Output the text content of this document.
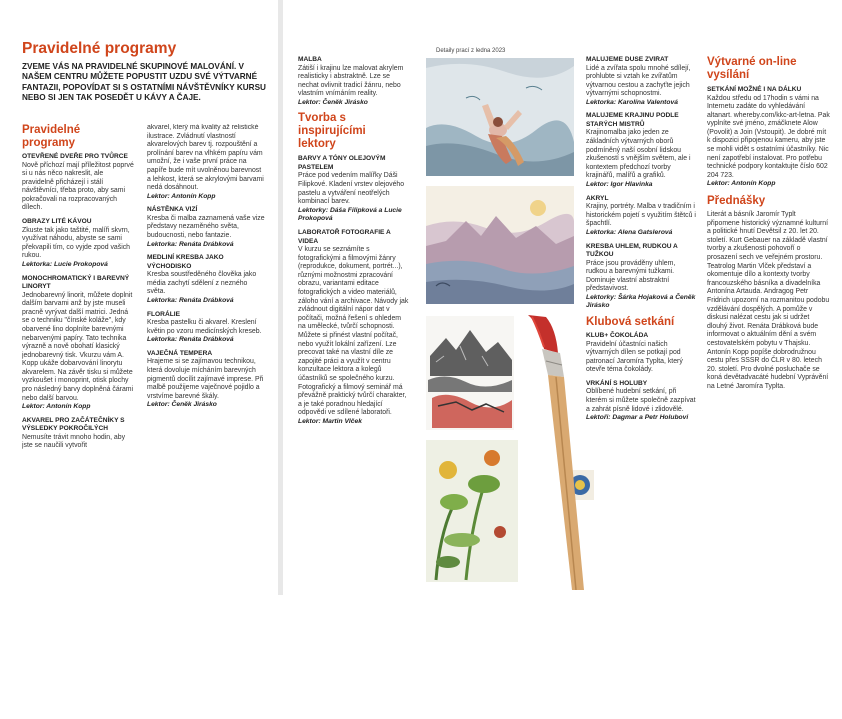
Pravidelné programy

ZVEME VÁS NA PRAVIDELNÉ SKUPINOVÉ MALOVÁNÍ. V NAŠEM CENTRU MŮŽETE POPUSTIT UZDU SVÉ VÝTVARNÉ FANTAZII, POPOVÍDAT SI S OSTATNÍMI NÁVŠTĚVNÍKY KURSU NEBO SI JEN TAK POSEDĚT U KÁVY A ČAJE.

Pravidelné programy

OTEVŘENÉ DVEŘE PRO TVŮRCE

Nově příchozí mají příležitost poprvé si u nás něco nakreslit, ale pravidelně přicházejí i stálí návštěvníci, třeba proto, aby sami pokračovali na rozpracovaných dílech.

OBRAZY LITÉ KÁVOU

Zkuste tak jako taštité, malíři skvrn, využívat náhodu, abyste se sami překvapili tím, co vyjde zpod vašich rukou.

Lektorka: Lucie Prokopová

MONOCHROMATICKÝ I BAREVNÝ LINORYT

Jednobarevný linorit, můžete doplnit dalším barvami anž by jste museli pracně vyrývat další matrici. Jedná se o techniku "čínské koláže", kdy obarvené lino doplníte barevnými nebarvenými papíry. Tato technika výrazně a nově obohatí klasický jednobarevný tisk. Vkurzu vám A. Kopp ukáže dobarvování linorytu akvarelem. Na závěr tisku si můžete vyzkoušet i monoprint, otisk plochy pro následný barvy doplněná čárami nebo další barvou.

Lektor: Antonín Kopp

AKVAREL PRO ZAČÁTEČNÍKY S VÝSLEDKY POKROČILÝCH

Nemusíte trávit mnoho hodin, aby jste se naučili vytvořit

akvarel, který má kvality až relistické ilustrace. Zvládnutí vlastností akvarelových barev tj. rozpouštění a prolínání barev na vlhkém papíru vám umožní, že i vaše první práce na papíře bude mít uvolněnou barevnost a lehkost, která se akrylovými barvami nedá dosáhnout.

Lektor: Antonín Kopp

NÁSTĚNKA VIZÍ

Kresba či malba zaznamená vaše vize představy nezaměného světa, budoucnosti, nebo fantazie.

Lektorka: Renáta Drábková

MEDLINÍ KRESBA JAKO VÝCHODISKO

Kresba soustředěného člověka jako média zachytí sdělení z nezného světa.

Lektorka: Renáta Drábková

FLORÁLIE

Kresba pastelku či akvarel. Kreslení květin po vzoru medicínských kreseb.

Lektorka: Renáta Drábková

VAJEČNÁ TEMPERA

Hrajeme si se zajímavou technikou, která dovoluje mícháním barevných pigmentů docílit zajímavé impresе. Při malbě použijeme vaječnové pojidlo a vrstvíme barevné škály.

Lektor: Čeněk Jirásko

MALBA

Zátiší i krajinu lze malovat akrylem realisticky i abstraktně. Lze se nechat ovlivnit tradicí žánru, nebo vlastním vnímáním reality.

Lektor: Čeněk Jirásko

Tvorba s inspirujícími lektory

BARVY A TÓNY OLEJOVÝM PASTELEM

Práce pod vedením malířky Dáši Filipkové. Kladení vrstev olejového pastelu a vytváření neotřelých kombinací barev.

Lektorky: Dáša Filipková a Lucie Prokopová

LABORATOŘ FOTOGRAFIE A VIDEA

V kurzu se seznámíte s fotografickými a filmovými žánry (reprodukce, dokument, portrét...), různými možnostmi zpracování obrazu, variantami editace fotografických a video materiálů, záloho vání a archivace. Návody jak zvládnout digitální nápor dat v počítači, možná řešení s ohledem na umělecké, tvůrčí schopnosti. Můžete si přinést vlastní počítač, nebo využít lokální zařízení. Lze precovat také na vlastní díle ze zapojité práci a využít v centru konzultace lektora a kolegů účastníků se společného kurzu. Fotografický a filmový seminář má převážně praktický tvůrčí charakter, a je také poradnou hledající odpovědi ve sdílené laboratoři.

Lektor: Martin Vlček

Detaily prací z ledna 2023

MALUJEME DUŠE ZVÍŘAT

Lidé a zvířata spolu mnohé sdílejí, prohlubte si vztah ke zvířatům výtvarnou cestou a zachyťte jejich výtvarnými schopnostmi.

Lektorka: Karolína Valentová

MALUJEME KRAJINU PODLE STARÝCH MISTRŮ

Krajinomalba jako jeden ze základních výtvarných oborů podmíněný naší osobní lidskou zkušeností s vnějším světem, ale i kontextem předchozí tvorby krajinářů, malířů a grafiků.

Lektor: Igor Hlavinka

AKRYL

Krajiny, portréty. Malba v tradičním i historickém pojetí s využitím štětců i špachtlí.

Lektorka: Alena Gatslerová

KRESBA UHLEM, RUDKOU A TUŽKOU

Práce jsou prováděny uhlem, rudkou a barevnými tužkami. Dominuje vlastní abstraktní představivost.

Lektorky: Šárka Hojaková a Čeněk Jirásko

Klubová setkání

KLUB+ ČOKOLÁDA

Pravidelní účastníci našich výtvarných dílen se potkají pod patronací Jaromíra Typlta, který otevře téma čokolády.

VRKÁNÍ S HOLUBY

Oblíbené hudební setkání, při kterém si můžete společně zazpívat a zahrát písně lidové i zlidovělé.

Lektoři: Dagmar a Petr Holubovi

Výtvarné on-line vysílání

SETKÁNÍ MOŽNÉ I NA DÁLKU

Každou středu od 17hodin s vámi na Internetu zadáte do vyhledávání altanart. whereby.com/kkc-art-letna. Pak vyplníte své jméno, zmáčknete Alow (Povolit) a Join (Vstoupit). Je dobré mít k dispozici připojenou kameru, aby jste se mohli vidět s ostatními účastníky. Nic není zapotřebí instalovat. Pro potřebu technické podpory kontaktujte číslo 602 204 723.

Lektor: Antonín Kopp

Přednášky

Literát a básník Jaromír Typlt připomene historický významné kulturní a politické hnutí Devětsil z 20. let 20. století. Kurt Gebauer na základě vlastní tvorby a zkušenosti pohovoří o prosazení sech ve veřejném prostoru. Teatrolog Martin Vlček představí a okomentuje dílo a kontexty tvorby francouzského básníka a divadelníka Antonína Artauda. Andragog Petr Fridrich upozorní na rozmanitou podobu vzdělávání dospělých. A pomůže v diskusi nalézat cestu jak si udržet dlouhý život. Renáta Drábková bude informovat o aktuálním dění a svém cestovatelském pobytu v Thajsku. Antonín Kopp popíše dobrodružnou cestu přes SSSR do ČLR v 80. letech 20. století. Pro dvolné posluchače se koná devětadvacáté hudební Vyprávění na Letné Jaromíra Typlta.
